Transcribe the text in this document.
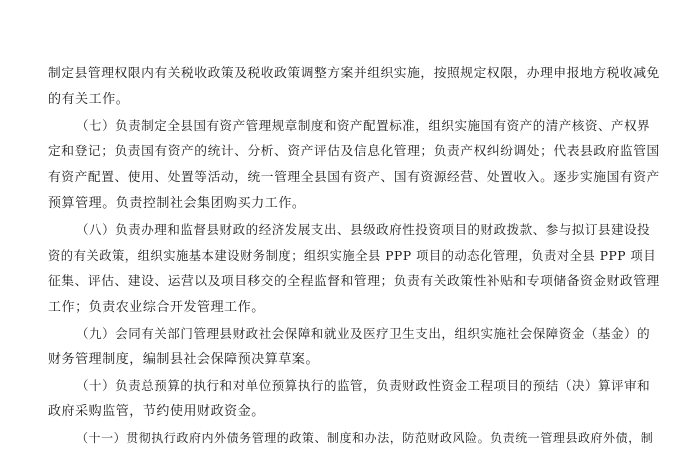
制定县管理权限内有关税收政策及税收政策调整方案并组织实施，按照规定权限，办理申报地方税收减免
的有关工作。
（七）负责制定全县国有资产管理规章制度和资产配置标准，组织实施国有资产的清产核资、产权界
定和登记；负责国有资产的统计、分析、资产评估及信息化管理；负责产权纠纷调处；代表县政府监管国
有资产配置、使用、处置等活动，统一管理全县国有资产、国有资源经营、处置收入。逐步实施国有资产
预算管理。负责控制社会集团购买力工作。
（八）负责办理和监督县财政的经济发展支出、县级政府性投资项目的财政拨款、参与拟订县建设投
资的有关政策，组织实施基本建设财务制度；组织实施全县 PPP 项目的动态化管理，负责对全县 PPP 项目
征集、评估、建设、运营以及项目移交的全程监督和管理；负责有关政策性补贴和专项储备资金财政管理
工作；负责农业综合开发管理工作。
（九）会同有关部门管理县财政社会保障和就业及医疗卫生支出，组织实施社会保障资金（基金）的
财务管理制度，编制县社会保障预决算草案。
（十）负责总预算的执行和对单位预算执行的监管，负责财政性资金工程项目的预结（决）算评审和
政府采购监管，节约使用财政资金。
（十一）贯彻执行政府内外债务管理的政策、制度和办法，防范财政风险。负责统一管理县政府外债，制
